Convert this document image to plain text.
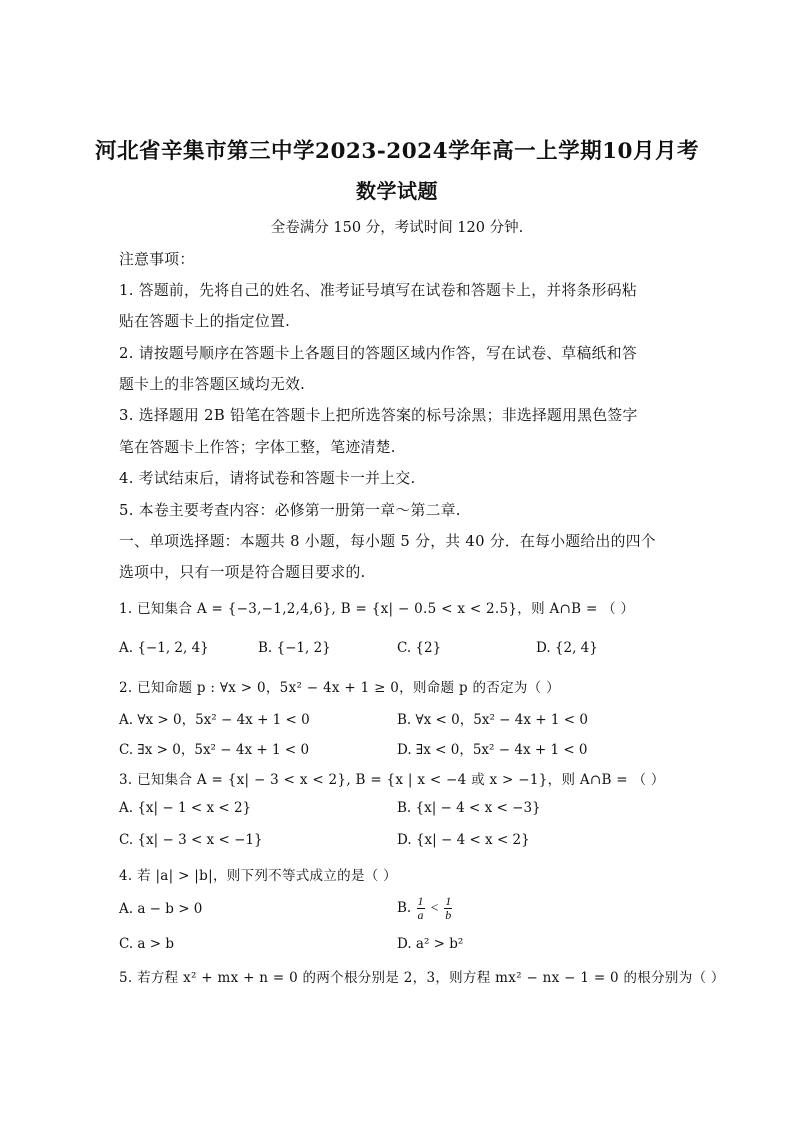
河北省辛集市第三中学2023-2024学年高一上学期10月月考
数学试题
全卷满分 150 分，考试时间 120 分钟.
注意事项：
1. 答题前，先将自己的姓名、准考证号填写在试卷和答题卡上，并将条形码粘
贴在答题卡上的指定位置.
2. 请按题号顺序在答题卡上各题目的答题区域内作答，写在试卷、草稿纸和答
题卡上的非答题区域均无效.
3. 选择题用 2B 铅笔在答题卡上把所选答案的标号涂黑；非选择题用黑色签字
笔在答题卡上作答；字体工整，笔迹清楚.
4. 考试结束后，请将试卷和答题卡一并上交.
5. 本卷主要考查内容：必修第一册第一章～第二章.
一、单项选择题：本题共 8 小题，每小题 5 分，共 40 分．在每小题给出的四个
选项中，只有一项是符合题目要求的.
1. 已知集合 A = {−3,−1,2,4,6}, B = {x| − 0.5 < x < 2.5}，则 A∩B = （ ）
A. {−1, 2, 4}	B. {−1, 2}	C. {2}	D. {2, 4}
2. 已知命题 p : ∀x > 0，5x² − 4x + 1 ≥ 0，则命题 p 的否定为（ ）
A. ∀x > 0，5x² − 4x + 1 < 0	B. ∀x < 0，5x² − 4x + 1 < 0
C. ∃x > 0，5x² − 4x + 1 < 0	D. ∃x < 0，5x² − 4x + 1 < 0
3. 已知集合 A = {x| − 3 < x < 2}, B = {x | x < −4 或 x > −1}，则 A∩B = （ ）
A. {x| − 1 < x < 2}	B. {x| − 4 < x < −3}
C. {x| − 3 < x < −1}	D. {x| − 4 < x < 2}
4. 若 |a| > |b|，则下列不等式成立的是（ ）
A. a − b > 0	B. $\frac{1}{a} < \frac{1}{b}$
C. a > b	D. a² > b²
5. 若方程 x² + mx + n = 0 的两个根分别是 2，3，则方程 mx² − nx − 1 = 0 的根分别为（ ）
